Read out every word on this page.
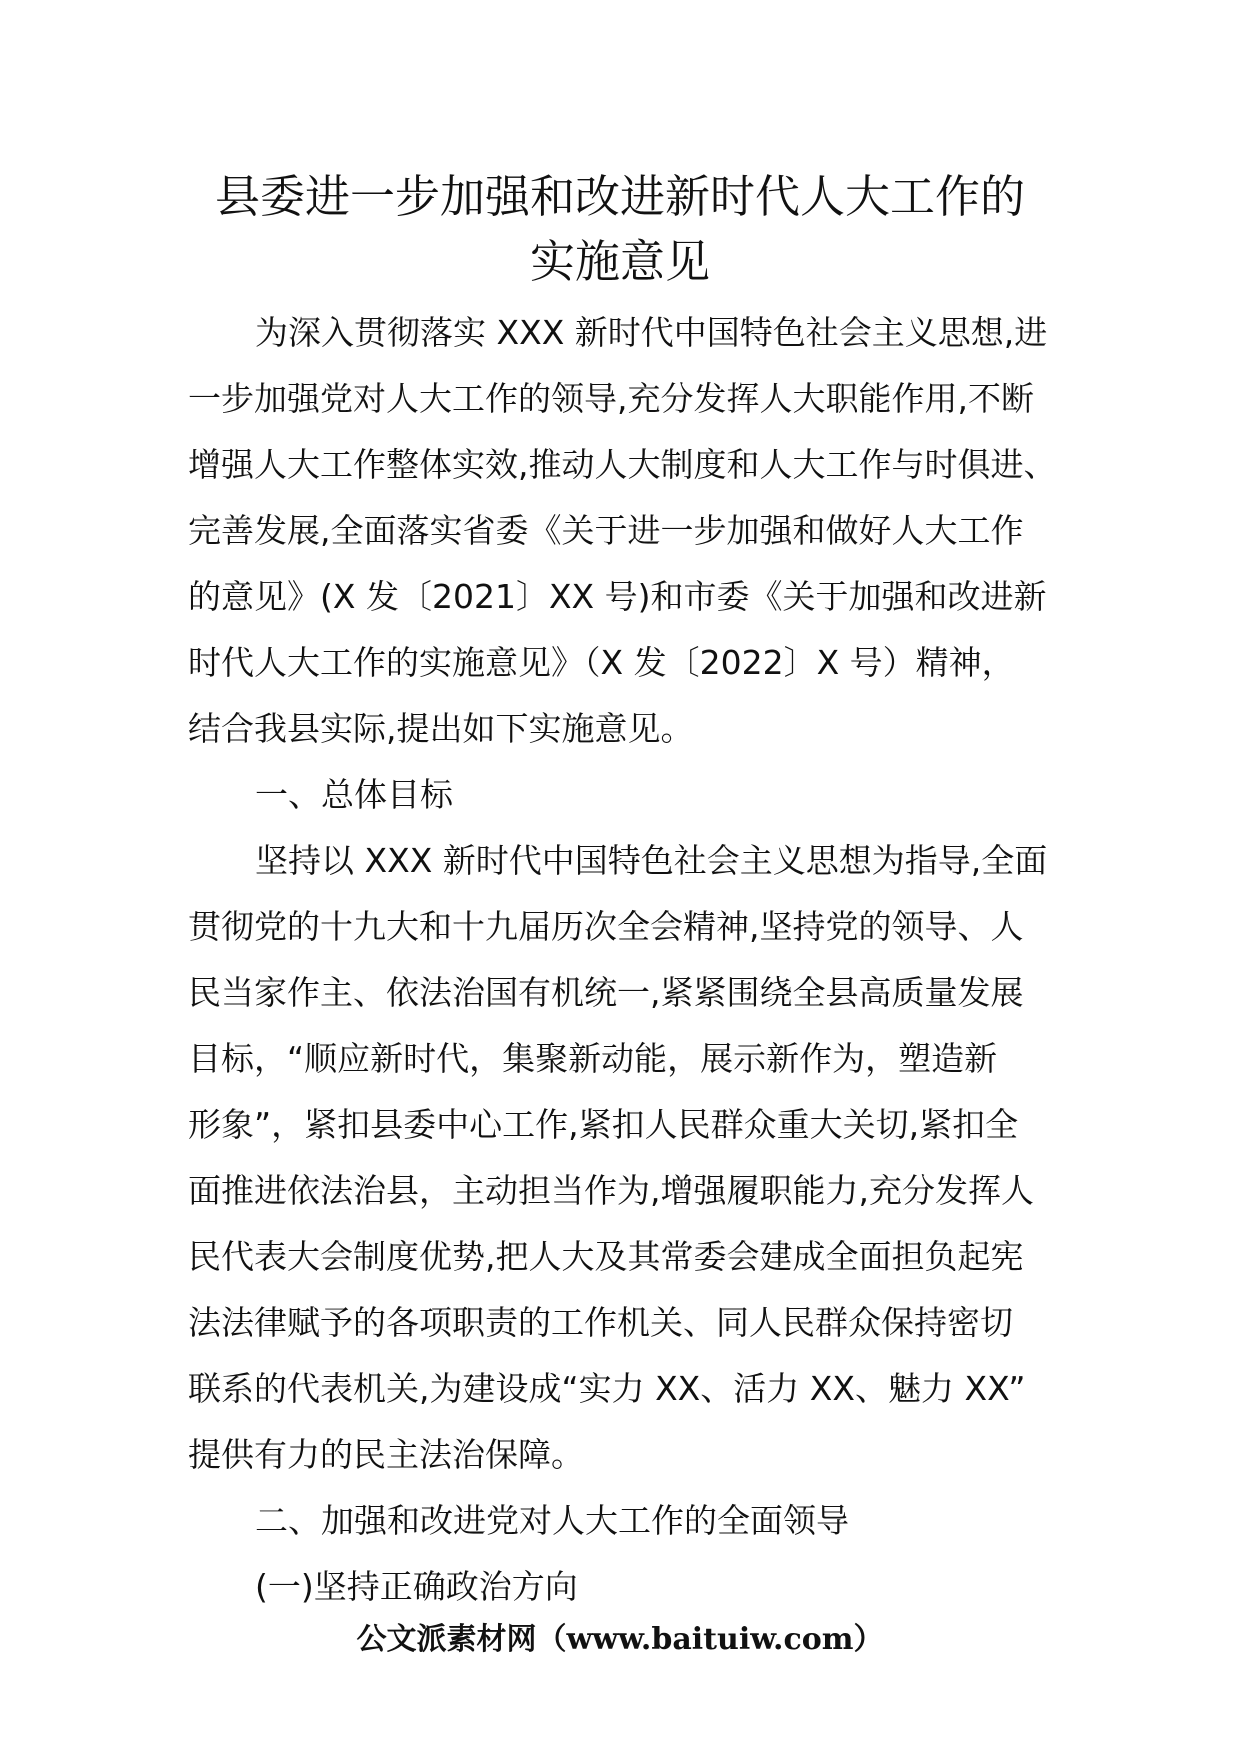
县委进一步加强和改进新时代人大工作的
实施意见

为深入贯彻落实 XXX 新时代中国特色社会主义思想,进

一步加强党对人大工作的领导,充分发挥人大职能作用,不断

增强人大工作整体实效,推动人大制度和人大工作与时俱进、

完善发展,全面落实省委《关于进一步加强和做好人大工作

的意见》(X 发〔2021〕XX 号)和市委《关于加强和改进新

时代人大工作的实施意见》（X 发〔2022〕X 号）精神，

结合我县实际,提出如下实施意见。

一、总体目标

坚持以 XXX 新时代中国特色社会主义思想为指导,全面

贯彻党的十九大和十九届历次全会精神,坚持党的领导、人

民当家作主、依法治国有机统一,紧紧围绕全县高质量发展

目标，“顺应新时代，集聚新动能，展示新作为，塑造新

形象”，紧扣县委中心工作,紧扣人民群众重大关切,紧扣全

面推进依法治县，主动担当作为,增强履职能力,充分发挥人

民代表大会制度优势,把人大及其常委会建成全面担负起宪

法法律赋予的各项职责的工作机关、同人民群众保持密切

联系的代表机关,为建设成“实力 XX、活力 XX、魅力 XX”

提供有力的民主法治保障。

二、加强和改进党对人大工作的全面领导

(一)坚持正确政治方向

公文派素材网（www.baituiw.com）
